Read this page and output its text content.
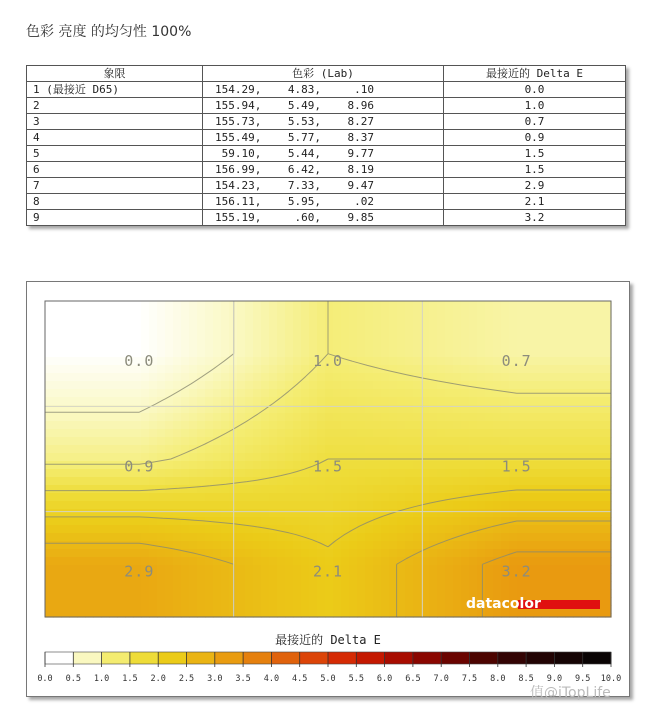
色彩 亮度 的均匀性 100%
象限	色彩 (Lab)	最接近的 Delta E
1 (最接近 D65)	154.29,    4.83,     .10	0.0
2	155.94,    5.49,    8.96	1.0
3	155.73,    5.53,    8.27	0.7
4	155.49,    5.77,    8.37	0.9
5	59.10,    5.44,    9.77	1.5
6	156.99,    6.42,    8.19	1.5
7	154.23,    7.33,    9.47	2.9
8	156.11,    5.95,     .02	2.1
9	155.19,     .60,    9.85	3.2
0.0	1.0	0.7
0.9	1.5	1.5
2.9	2.1	3.2
datacolor
最接近的 Delta E
0.0 0.5 1.0 1.5 2.0 2.5 3.0 3.5 4.0 4.5 5.0 5.5 6.0 6.5 7.0 7.5 8.0 8.5 9.0 9.5 10.0
值@iTopLife
